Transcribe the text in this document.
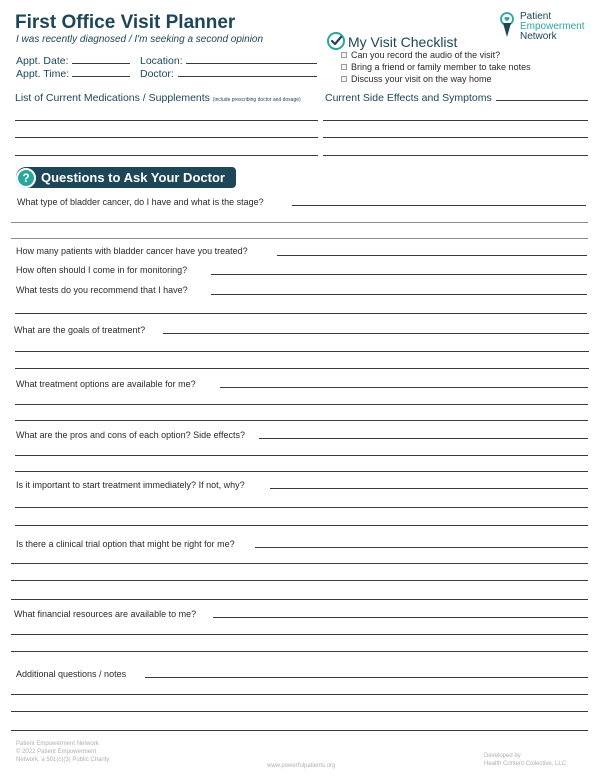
First Office Visit Planner
I was recently diagnosed / I'm seeking a second opinion
Appt. Date:	Location:
Appt. Time:	Doctor:
Patient
Empowerment
Network
My Visit Checklist
Can you record the audio of the visit?
Bring a friend or family member to take notes
Discuss your visit on the way home
List of Current Medications / Supplements (include prescribing doctor and dosage) Current Side Effects and Symptoms
? Questions to Ask Your Doctor
What type of bladder cancer, do I have and what is the stage?
How many patients with bladder cancer have you treated?
How often should I come in for monitoring?
What tests do you recommend that I have?
What are the goals of treatment?
What treatment options are available for me?
What are the pros and cons of each option? Side effects?
Is it important to start treatment immediately? If not, why?
Is there a clinical trial option that might be right for me?
What financial resources are available to me?
Additional questions / notes
Patient Empowerment Network
© 2022 Patient Empowerment
Network, a 501(c)(3) Public Charity
www.powerfulpatients.org
Developed by
Health Content Collective, LLC
